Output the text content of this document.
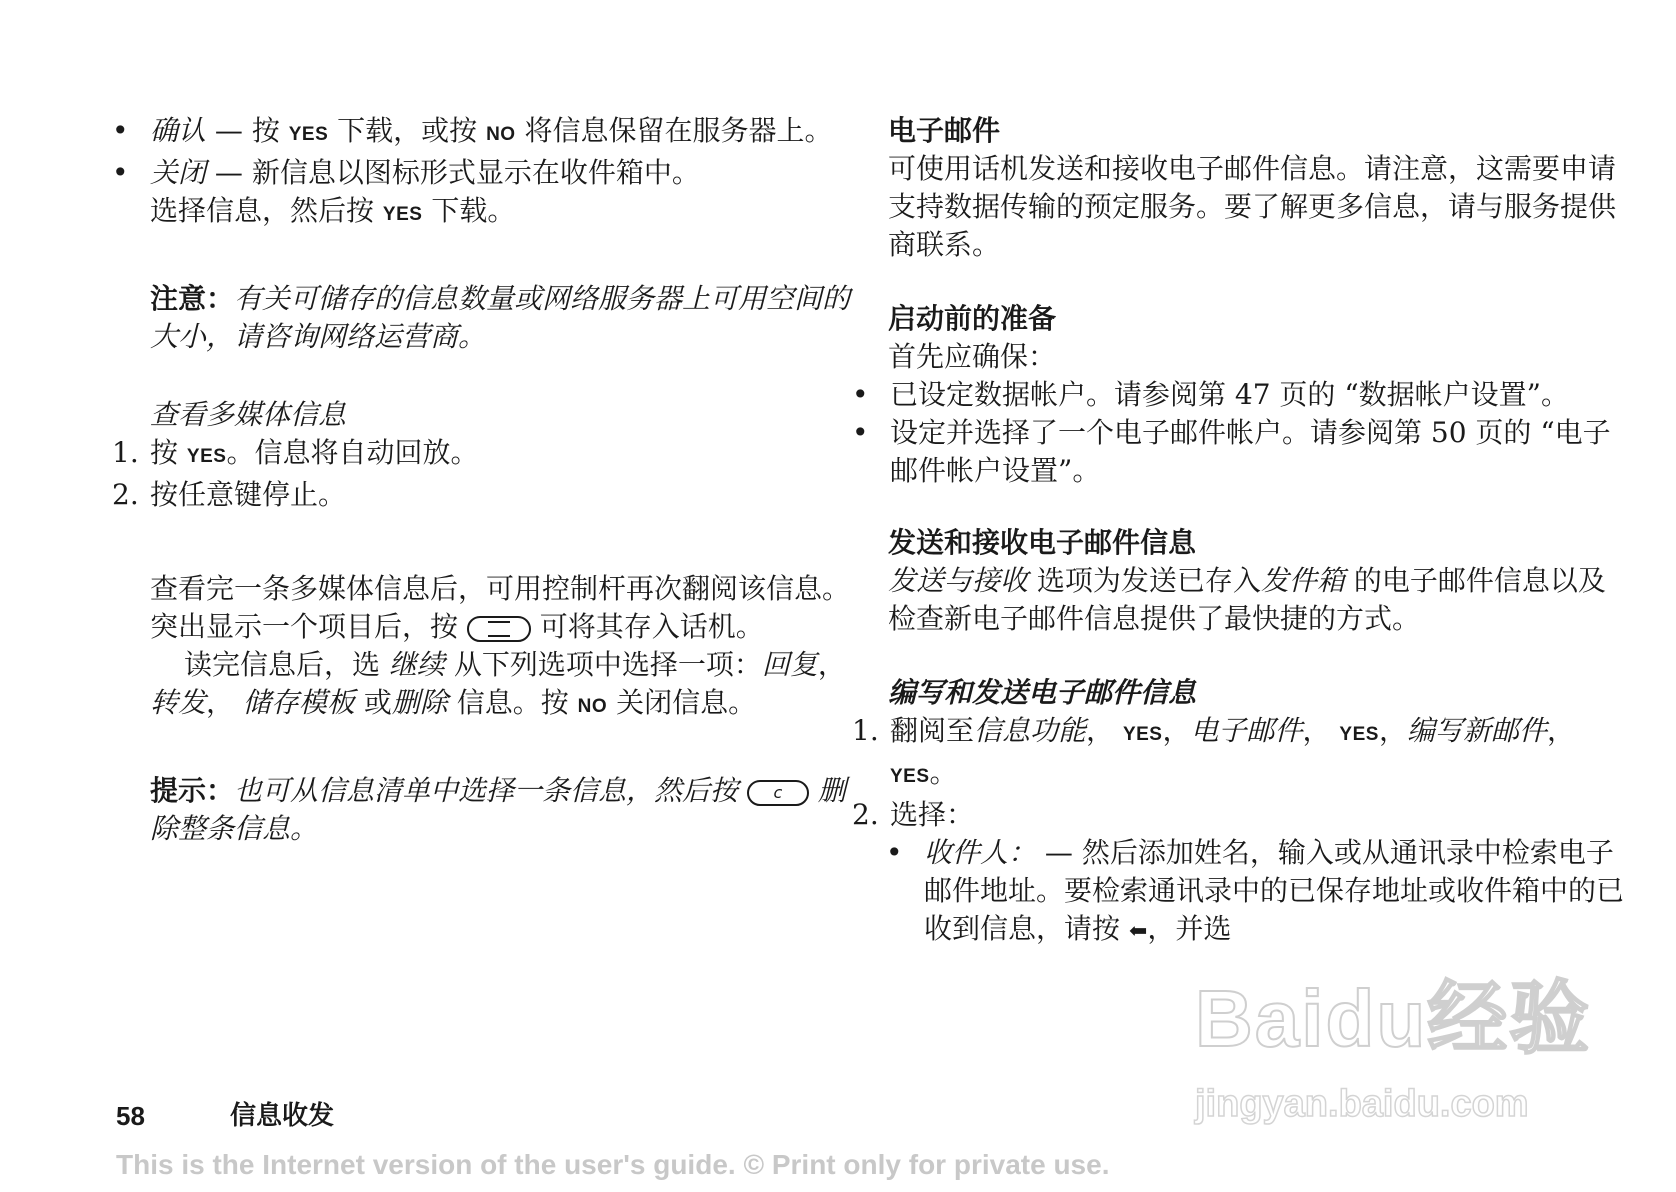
• 确认 — 按 YES 下载，或按 NO 将信息保留在服务器上。
• 关闭 — 新信息以图标形式显示在收件箱中。

选择信息，然后按 YES 下载。

注意：有关可储存的信息数量或网络服务器上可用空间的大小，请咨询网络运营商。

查看多媒体信息

1. 按 YES。信息将自动回放。
2. 按任意键停止。

查看完一条多媒体信息后，可用控制杆再次翻阅该信息。突出显示一个项目后，按  可将其存入话机。

读完信息后，选 继续 从下列选项中选择一项：回复， 转发， 储存模板 或删除 信息。按 NO 关闭信息。

提示：也可从信息清单中选择一条信息，然后按 c 删除整条信息。

电子邮件

可使用话机发送和接收电子邮件信息。请注意，这需要申请支持数据传输的预定服务。要了解更多信息，请与服务提供商联系。

启动前的准备

首先应确保：

• 已设定数据帐户。请参阅第 47 页的 “数据帐户设置”。
• 设定并选择了一个电子邮件帐户。请参阅第 50 页的 “电子邮件帐户设置”。

发送和接收电子邮件信息

发送与接收 选项为发送已存入发件箱 的电子邮件信息以及检查新电子邮件信息提供了最快捷的方式。

编写和发送电子邮件信息

1. 翻阅至信息功能， YES，电子邮件， YES，编写新邮件， YES。
2. 选择：
• 收件人： — 然后添加姓名，输入或从通讯录中检索电子邮件地址。要检索通讯录中的已保存地址或收件箱中的已收到信息，请按 ⬅，并选
Baidu经验
jingyan.baidu.com
58	信息收发
This is the Internet version of the user's guide. © Print only for private use.
